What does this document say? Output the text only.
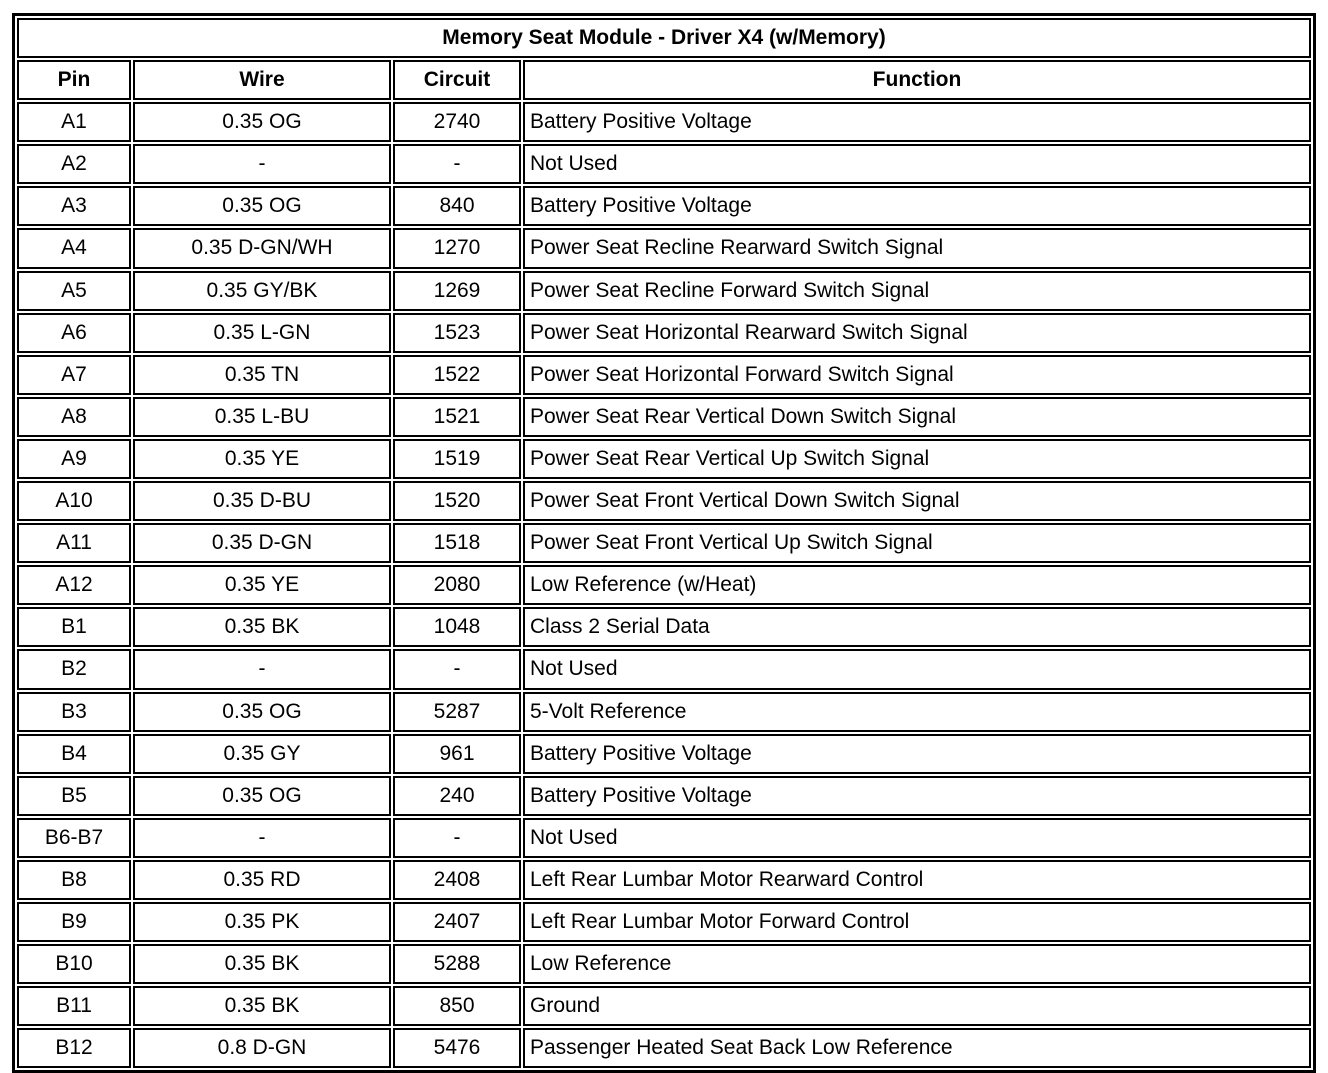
Memory Seat Module - Driver X4 (w/Memory)			
Pin	Wire	Circuit	Function
A1	0.35 OG	2740	Battery Positive Voltage
A2	-	-	Not Used
A3	0.35 OG	840	Battery Positive Voltage
A4	0.35 D-GN/WH	1270	Power Seat Recline Rearward Switch Signal
A5	0.35 GY/BK	1269	Power Seat Recline Forward Switch Signal
A6	0.35 L-GN	1523	Power Seat Horizontal Rearward Switch Signal
A7	0.35 TN	1522	Power Seat Horizontal Forward Switch Signal
A8	0.35 L-BU	1521	Power Seat Rear Vertical Down Switch Signal
A9	0.35 YE	1519	Power Seat Rear Vertical Up Switch Signal
A10	0.35 D-BU	1520	Power Seat Front Vertical Down Switch Signal
A11	0.35 D-GN	1518	Power Seat Front Vertical Up Switch Signal
A12	0.35 YE	2080	Low Reference (w/Heat)
B1	0.35 BK	1048	Class 2 Serial Data
B2	-	-	Not Used
B3	0.35 OG	5287	5-Volt Reference
B4	0.35 GY	961	Battery Positive Voltage
B5	0.35 OG	240	Battery Positive Voltage
B6-B7	-	-	Not Used
B8	0.35 RD	2408	Left Rear Lumbar Motor Rearward Control
B9	0.35 PK	2407	Left Rear Lumbar Motor Forward Control
B10	0.35 BK	5288	Low Reference
B11	0.35 BK	850	Ground
B12	0.8 D-GN	5476	Passenger Heated Seat Back Low Reference
